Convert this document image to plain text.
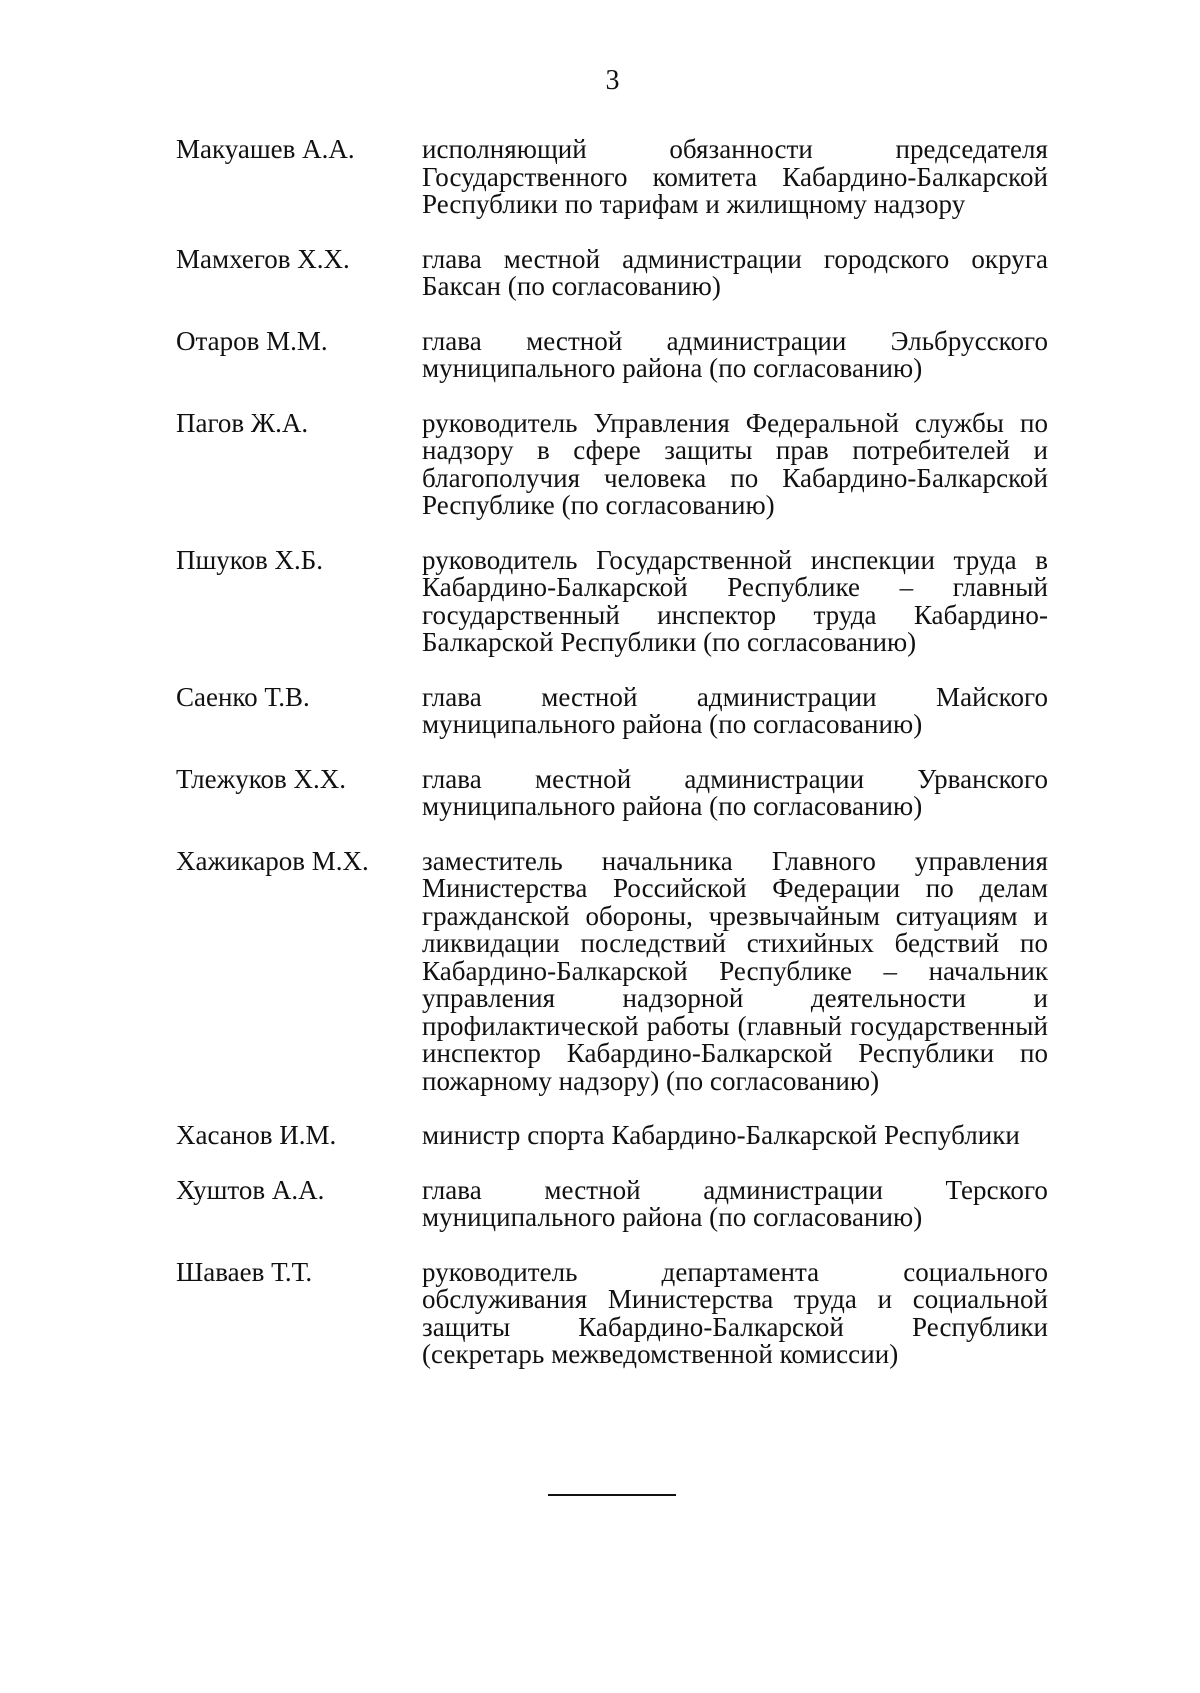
3
Макуашев А.А.	исполняющий обязанности председателя Государственного комитета Кабардино-Балкарской Республики по тарифам и жилищному надзору
Мамхегов Х.Х.	глава местной администрации городского округа Баксан (по согласованию)
Отаров М.М.	глава местной администрации Эльбрусского муниципального района (по согласованию)
Пагов Ж.А.	руководитель Управления Федеральной службы по надзору в сфере защиты прав потребителей и благополучия человека по Кабардино-Балкарской Республике (по согласованию)
Пшуков Х.Б.	руководитель Государственной инспекции труда в Кабардино-Балкарской Республике – главный государственный инспектор труда Кабардино-Балкарской Республики (по согласованию)
Саенко Т.В.	глава местной администрации Майского муниципального района (по согласованию)
Тлежуков Х.Х.	глава местной администрации Урванского муниципального района (по согласованию)
Хажикаров М.Х.	заместитель начальника Главного управления Министерства Российской Федерации по делам гражданской обороны, чрезвычайным ситуациям и ликвидации последствий стихийных бедствий по Кабардино-Балкарской Республике – начальник управления надзорной деятельности и профилактической работы (главный государственный инспектор Кабардино-Балкарской Республики по пожарному надзору) (по согласованию)
Хасанов И.М.	министр спорта Кабардино-Балкарской Республики
Хуштов А.А.	глава местной администрации Терского муниципального района (по согласованию)
Шаваев Т.Т.	руководитель департамента социального обслуживания Министерства труда и социальной защиты Кабардино-Балкарской Республики (секретарь межведомственной комиссии)
